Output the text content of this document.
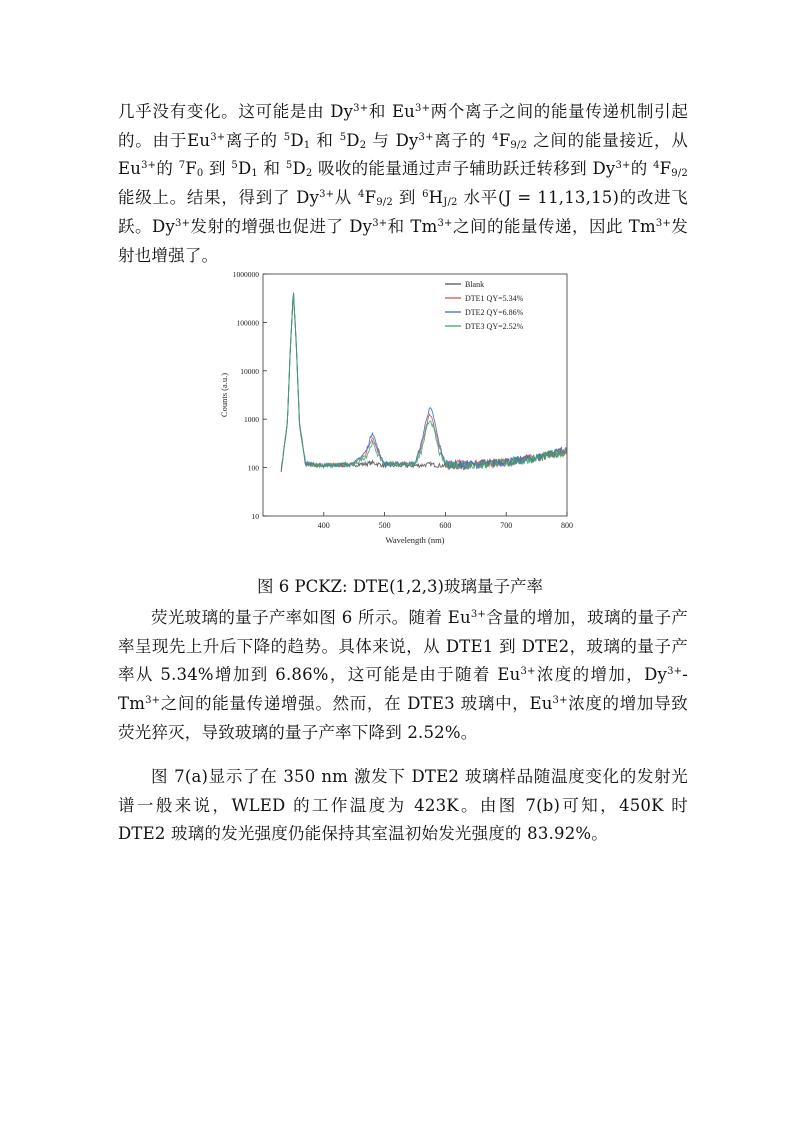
几乎没有变化。这可能是由 $Dy^{3+}$和 $Eu^{3+}$两个离子之间的能量传递机制引起的。由于$Eu^{3+}$离子的 $^5D_1$ 和 $^5D_2$ 与 $Dy^{3+}$离子的 $^4F_{9/2}$ 之间的能量接近，从 $Eu^{3+}$的 $^7F_0$ 到 $^5D_1$ 和 $^5D_2$ 吸收的能量通过声子辅助跃迁转移到 $Dy^{3+}$的 $^4F_{9/2}$ 能级上。结果，得到了 $Dy^{3+}$从 $^4F_{9/2}$ 到 $^6H_{J/2}$ 水平(J = 11,13,15)的改进飞跃。$Dy^{3+}$发射的增强也促进了 $Dy^{3+}$和 $Tm^{3+}$之间的能量传递，因此 $Tm^{3+}$发射也增强了。

400	500	600	700	800
10
100
1000
10000
100000
1000000
Wavelength (nm)
Counts (a.u.)
Blank
DTE1 QY=5.34%
DTE2 QY=6.86%
DTE3 QY=2.52%
图 6 PCKZ: DTE(1,2,3)玻璃量子产率

荧光玻璃的量子产率如图 6 所示。随着 $Eu^{3+}$含量的增加，玻璃的量子产率呈现先上升后下降的趋势。具体来说，从 DTE1 到 DTE2，玻璃的量子产率从 5.34%增加到 6.86%，这可能是由于随着 $Eu^{3+}$浓度的增加，$Dy^{3+}-Tm^{3+}$之间的能量传递增强。然而，在 DTE3 玻璃中，$Eu^{3+}$浓度的增加导致荧光猝灭，导致玻璃的量子产率下降到 2.52%。

图 7(a)显示了在 350 nm 激发下 DTE2 玻璃样品随温度变化的发射光谱一般来说，WLED 的工作温度为 423K。由图 7(b)可知，450K 时 DTE2 玻璃的发光强度仍能保持其室温初始发光强度的 83.92%。
